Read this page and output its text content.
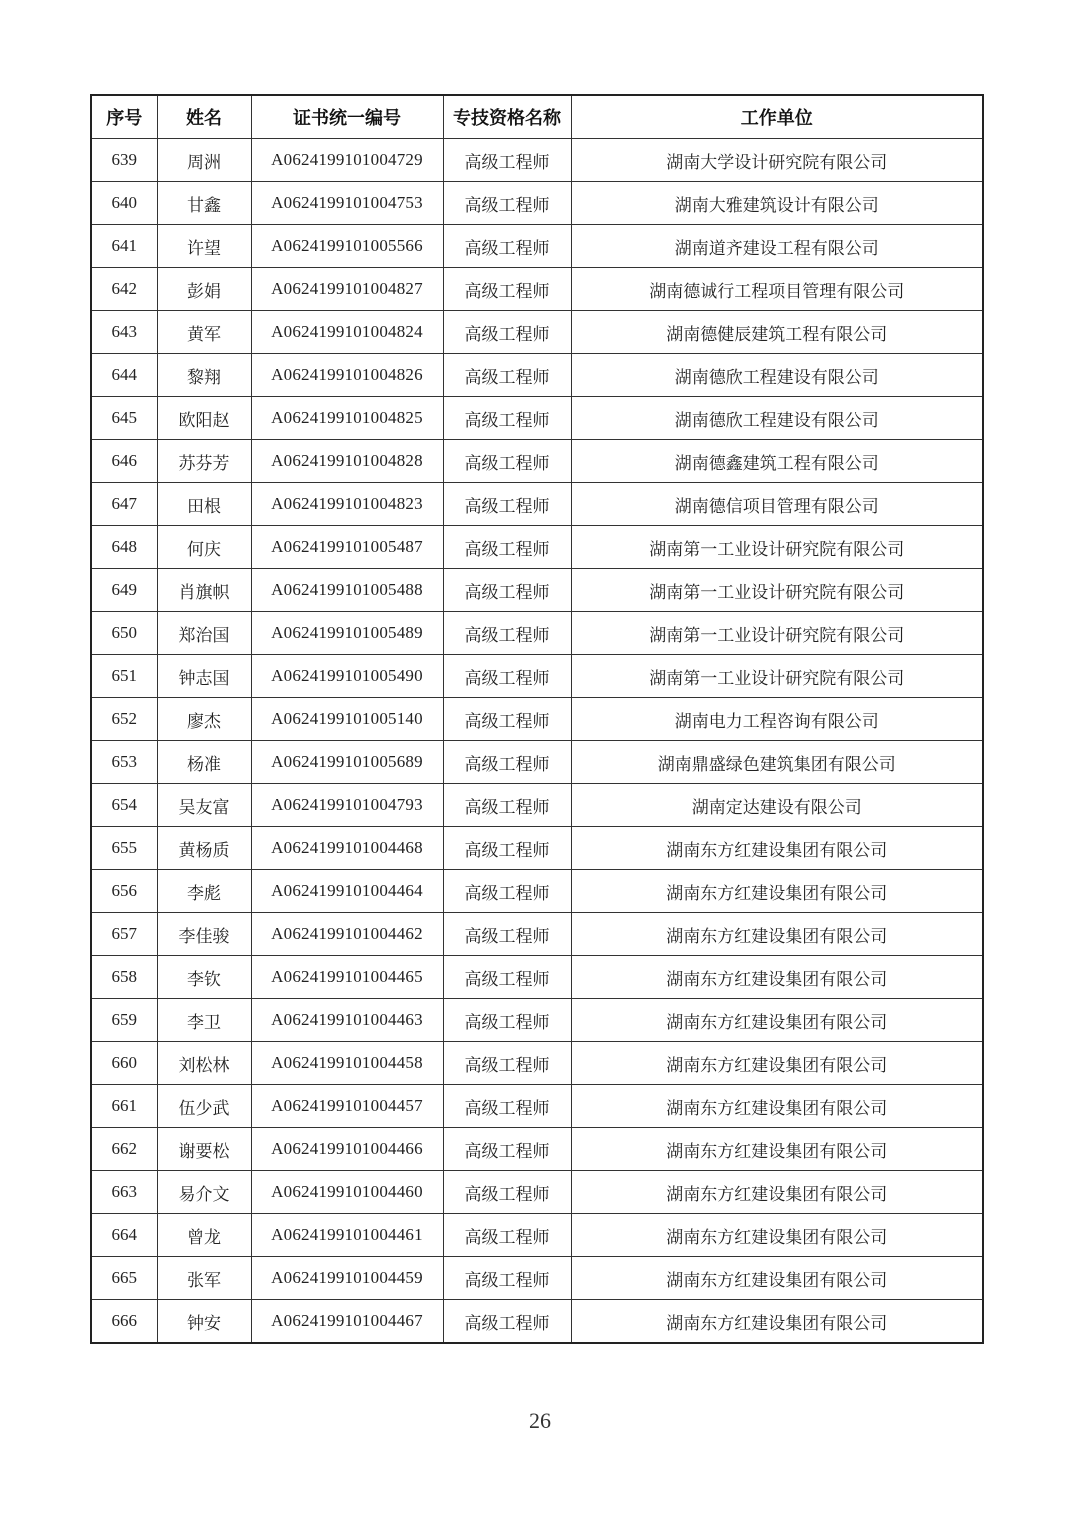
序号	姓名	证书统一编号	专技资格名称	工作单位
639	周洲	A0624199101004729	高级工程师	湖南大学设计研究院有限公司
640	甘鑫	A0624199101004753	高级工程师	湖南大雅建筑设计有限公司
641	许望	A0624199101005566	高级工程师	湖南道齐建设工程有限公司
642	彭娟	A0624199101004827	高级工程师	湖南德诚行工程项目管理有限公司
643	黄军	A0624199101004824	高级工程师	湖南德健辰建筑工程有限公司
644	黎翔	A0624199101004826	高级工程师	湖南德欣工程建设有限公司
645	欧阳赵	A0624199101004825	高级工程师	湖南德欣工程建设有限公司
646	苏芬芳	A0624199101004828	高级工程师	湖南德鑫建筑工程有限公司
647	田根	A0624199101004823	高级工程师	湖南德信项目管理有限公司
648	何庆	A0624199101005487	高级工程师	湖南第一工业设计研究院有限公司
649	肖旗帜	A0624199101005488	高级工程师	湖南第一工业设计研究院有限公司
650	郑治国	A0624199101005489	高级工程师	湖南第一工业设计研究院有限公司
651	钟志国	A0624199101005490	高级工程师	湖南第一工业设计研究院有限公司
652	廖杰	A0624199101005140	高级工程师	湖南电力工程咨询有限公司
653	杨准	A0624199101005689	高级工程师	湖南鼎盛绿色建筑集团有限公司
654	吴友富	A0624199101004793	高级工程师	湖南定达建设有限公司
655	黄杨质	A0624199101004468	高级工程师	湖南东方红建设集团有限公司
656	李彪	A0624199101004464	高级工程师	湖南东方红建设集团有限公司
657	李佳骏	A0624199101004462	高级工程师	湖南东方红建设集团有限公司
658	李钦	A0624199101004465	高级工程师	湖南东方红建设集团有限公司
659	李卫	A0624199101004463	高级工程师	湖南东方红建设集团有限公司
660	刘松林	A0624199101004458	高级工程师	湖南东方红建设集团有限公司
661	伍少武	A0624199101004457	高级工程师	湖南东方红建设集团有限公司
662	谢要松	A0624199101004466	高级工程师	湖南东方红建设集团有限公司
663	易介文	A0624199101004460	高级工程师	湖南东方红建设集团有限公司
664	曾龙	A0624199101004461	高级工程师	湖南东方红建设集团有限公司
665	张军	A0624199101004459	高级工程师	湖南东方红建设集团有限公司
666	钟安	A0624199101004467	高级工程师	湖南东方红建设集团有限公司
26
